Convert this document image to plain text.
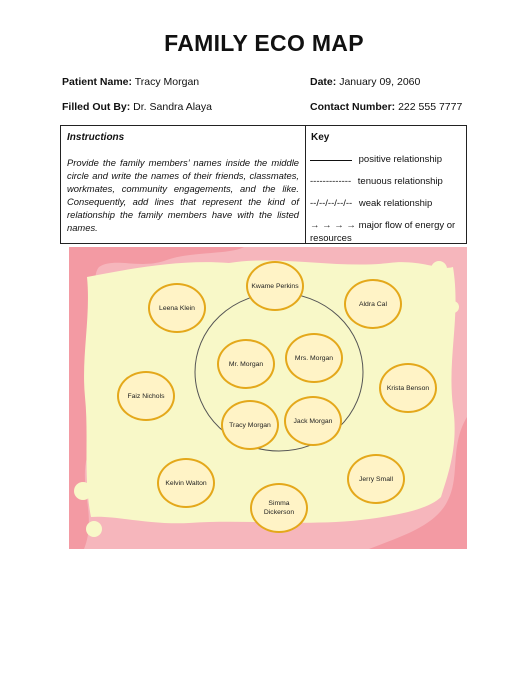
FAMILY ECO MAP
Patient Name: Tracy Morgan	Date: January 09, 2060
Filled Out By: Dr. Sandra Alaya	Contact Number: 222 555 7777
Instructions
Provide the family members’ names inside the middle circle and write the names of their friends, classmates, workmates, community engagements, and the like. Consequently, add lines that represent the kind of relationship the family members have with the listed names.
Key
positive relationship
------------- tenuous relationship
--/--/--/--/-- weak relationship
→ → → → major flow of energy or resources
Kwame Perkins
Leena Klein
Aldra Cal
Faiz Nichols
Krista Benson
Kelvin Walton
Jerry Small
Simma Dickerson
Mr. Morgan
Mrs. Morgan
Tracy Morgan
Jack Morgan
